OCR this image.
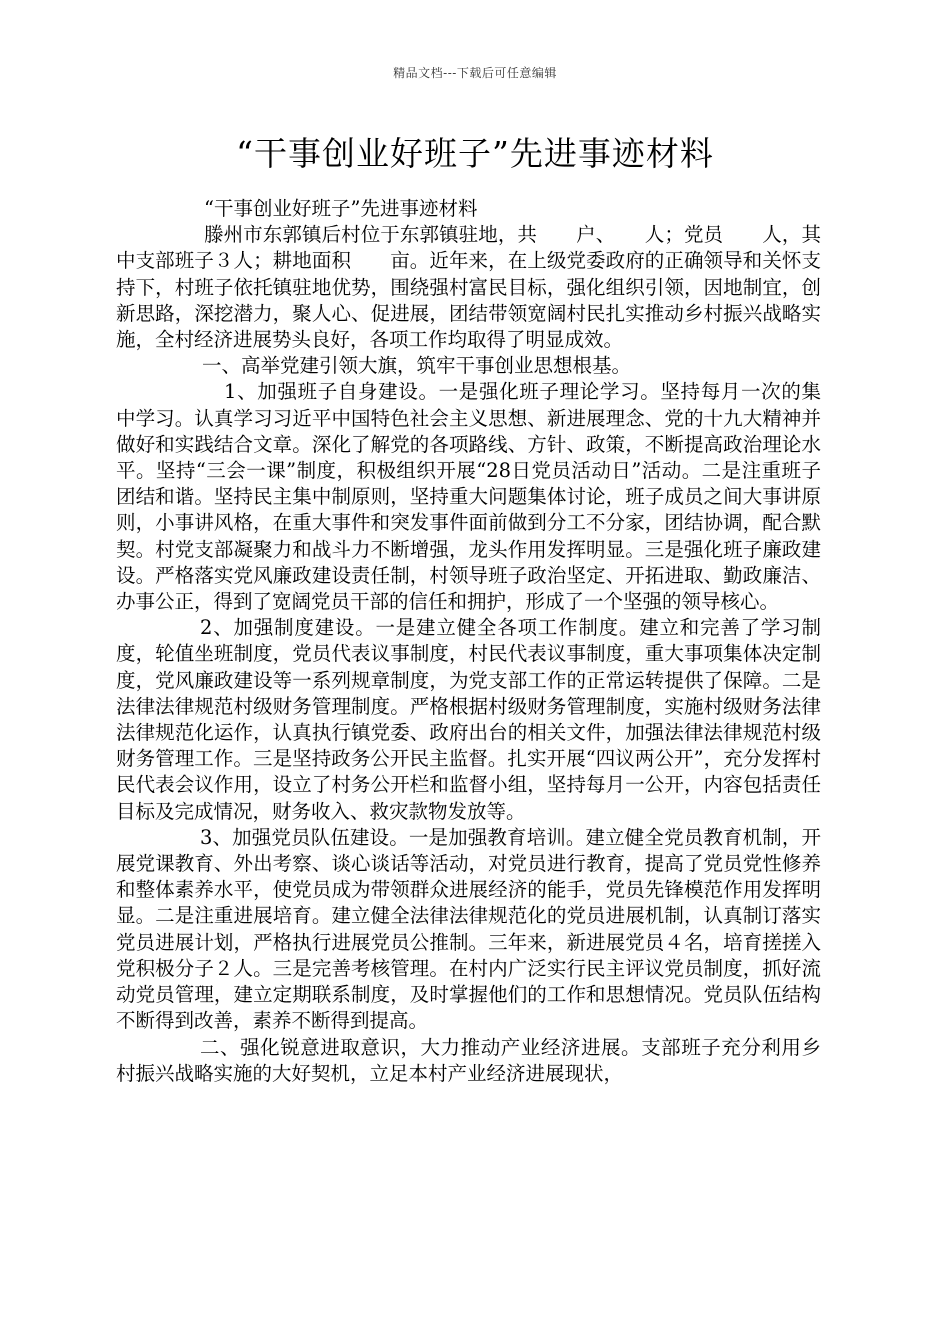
精品文档---下载后可任意编辑
“干事创业好班子”先进事迹材料

“干事创业好班子”先进事迹材料

滕州市东郭镇后村位于东郭镇驻地，共　　户、　　人；党员　　人，其中支部班子３人；耕地面积　　亩。近年来，在上级党委政府的正确领导和关怀支持下，村班子依托镇驻地优势，围绕强村富民目标，强化组织引领，因地制宜，创新思路，深挖潜力，聚人心、促进展，团结带领宽阔村民扎实推动乡村振兴战略实施，全村经济进展势头良好，各项工作均取得了明显成效。

一、高举党建引领大旗，筑牢干事创业思想根基。

1、加强班子自身建设。一是强化班子理论学习。坚持每月一次的集中学习。认真学习习近平中国特色社会主义思想、新进展理念、党的十九大精神并做好和实践结合文章。深化了解党的各项路线、方针、政策，不断提高政治理论水平。坚持“三会一课”制度，积极组织开展“28日党员活动日”活动。二是注重班子团结和谐。坚持民主集中制原则，坚持重大问题集体讨论，班子成员之间大事讲原则，小事讲风格，在重大事件和突发事件面前做到分工不分家，团结协调，配合默契。村党支部凝聚力和战斗力不断增强，龙头作用发挥明显。三是强化班子廉政建设。严格落实党风廉政建设责任制，村领导班子政治坚定、开拓进取、勤政廉洁、办事公正，得到了宽阔党员干部的信任和拥护，形成了一个坚强的领导核心。

2、加强制度建设。一是建立健全各项工作制度。建立和完善了学习制度，轮值坐班制度，党员代表议事制度，村民代表议事制度，重大事项集体决定制度，党风廉政建设等一系列规章制度，为党支部工作的正常运转提供了保障。二是法律法律规范村级财务管理制度。严格根据村级财务管理制度，实施村级财务法律法律规范化运作，认真执行镇党委、政府出台的相关文件，加强法律法律规范村级财务管理工作。三是坚持政务公开民主监督。扎实开展“四议两公开”，充分发挥村民代表会议作用，设立了村务公开栏和监督小组，坚持每月一公开，内容包括责任目标及完成情况，财务收入、救灾款物发放等。

3、加强党员队伍建设。一是加强教育培训。建立健全党员教育机制，开展党课教育、外出考察、谈心谈话等活动，对党员进行教育，提高了党员党性修养和整体素养水平，使党员成为带领群众进展经济的能手，党员先锋模范作用发挥明显。二是注重进展培育。建立健全法律法律规范化的党员进展机制，认真制订落实党员进展计划，严格执行进展党员公推制。三年来，新进展党员４名，培育搓搓入党积极分子２人。三是完善考核管理。在村内广泛实行民主评议党员制度，抓好流动党员管理，建立定期联系制度，及时掌握他们的工作和思想情况。党员队伍结构不断得到改善，素养不断得到提高。

二、强化锐意进取意识，大力推动产业经济进展。支部班子充分利用乡村振兴战略实施的大好契机，立足本村产业经济进展现状，
